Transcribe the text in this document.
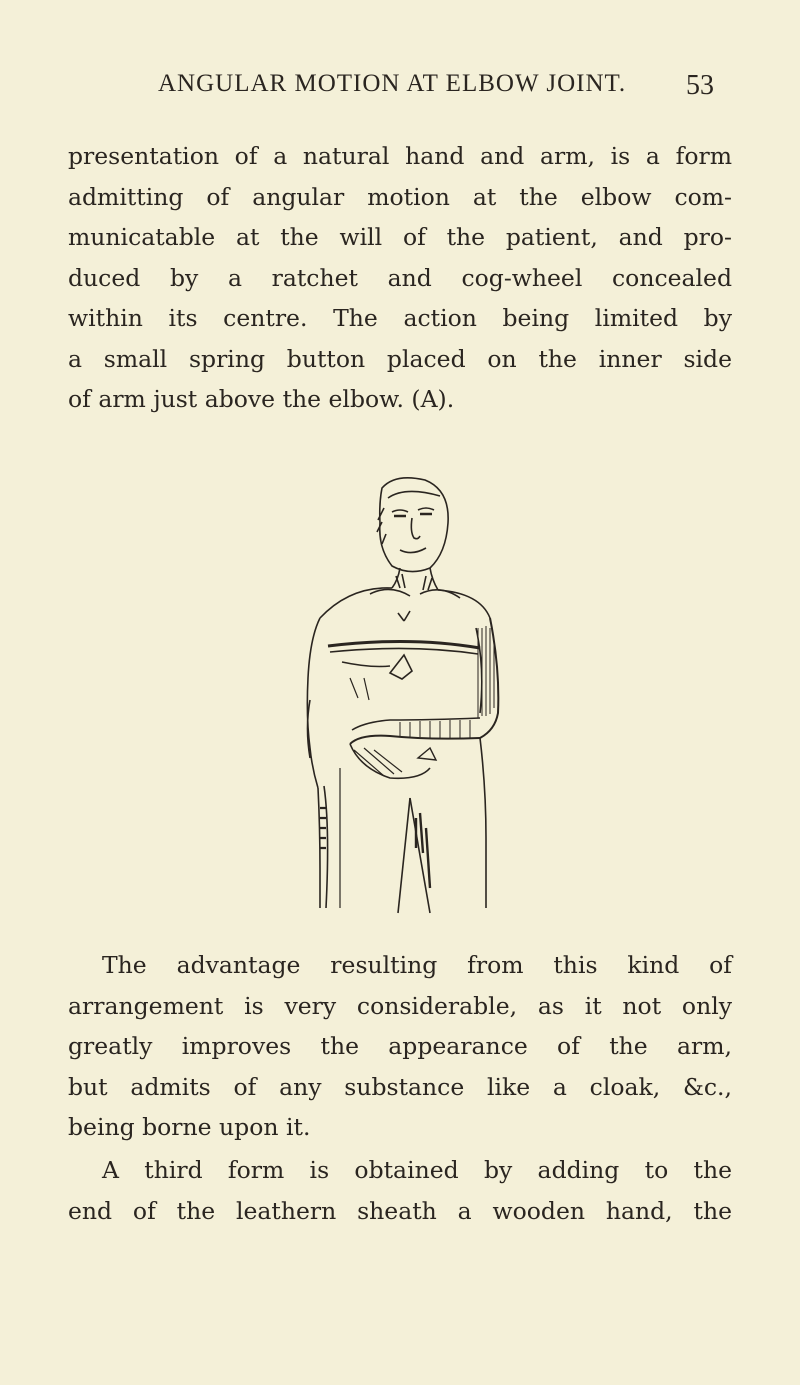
ANGULAR MOTION AT ELBOW JOINT. 53

presentation of a natural hand and arm, is a form
admitting of angular motion at the elbow com-
municatable at the will of the patient, and pro-
duced by a ratchet and cog-wheel concealed
within its centre. The action being limited by
a small spring button placed on the inner side
of arm just above the elbow. (A).

The advantage resulting from this kind of
arrangement is very considerable, as it not only
greatly improves the appearance of the arm,
but admits of any substance like a cloak, &c.,
being borne upon it.

A third form is obtained by adding to the
end of the leathern sheath a wooden hand, the
